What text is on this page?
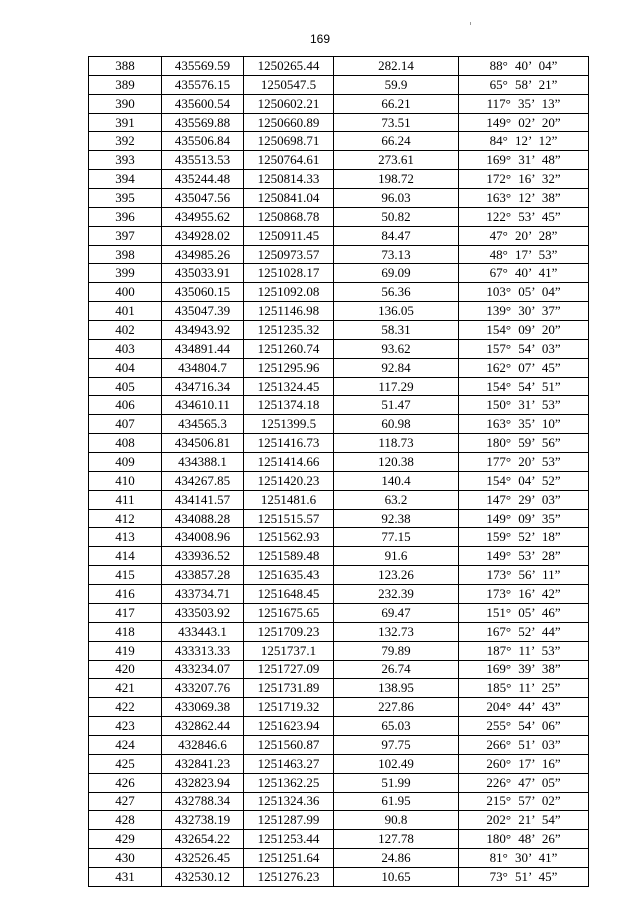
169
388	435569.59	1250265.44	282.14	88° 40’ 04”
389	435576.15	1250547.5	59.9	65° 58’ 21”
390	435600.54	1250602.21	66.21	117° 35’ 13”
391	435569.88	1250660.89	73.51	149° 02’ 20”
392	435506.84	1250698.71	66.24	84° 12’ 12”
393	435513.53	1250764.61	273.61	169° 31’ 48”
394	435244.48	1250814.33	198.72	172° 16’ 32”
395	435047.56	1250841.04	96.03	163° 12’ 38”
396	434955.62	1250868.78	50.82	122° 53’ 45”
397	434928.02	1250911.45	84.47	47° 20’ 28”
398	434985.26	1250973.57	73.13	48° 17’ 53”
399	435033.91	1251028.17	69.09	67° 40’ 41”
400	435060.15	1251092.08	56.36	103° 05’ 04”
401	435047.39	1251146.98	136.05	139° 30’ 37”
402	434943.92	1251235.32	58.31	154° 09’ 20”
403	434891.44	1251260.74	93.62	157° 54’ 03”
404	434804.7	1251295.96	92.84	162° 07’ 45”
405	434716.34	1251324.45	117.29	154° 54’ 51”
406	434610.11	1251374.18	51.47	150° 31’ 53”
407	434565.3	1251399.5	60.98	163° 35’ 10”
408	434506.81	1251416.73	118.73	180° 59’ 56”
409	434388.1	1251414.66	120.38	177° 20’ 53”
410	434267.85	1251420.23	140.4	154° 04’ 52”
411	434141.57	1251481.6	63.2	147° 29’ 03”
412	434088.28	1251515.57	92.38	149° 09’ 35”
413	434008.96	1251562.93	77.15	159° 52’ 18”
414	433936.52	1251589.48	91.6	149° 53’ 28”
415	433857.28	1251635.43	123.26	173° 56’ 11”
416	433734.71	1251648.45	232.39	173° 16’ 42”
417	433503.92	1251675.65	69.47	151° 05’ 46”
418	433443.1	1251709.23	132.73	167° 52’ 44”
419	433313.33	1251737.1	79.89	187° 11’ 53”
420	433234.07	1251727.09	26.74	169° 39’ 38”
421	433207.76	1251731.89	138.95	185° 11’ 25”
422	433069.38	1251719.32	227.86	204° 44’ 43”
423	432862.44	1251623.94	65.03	255° 54’ 06”
424	432846.6	1251560.87	97.75	266° 51’ 03”
425	432841.23	1251463.27	102.49	260° 17’ 16”
426	432823.94	1251362.25	51.99	226° 47’ 05”
427	432788.34	1251324.36	61.95	215° 57’ 02”
428	432738.19	1251287.99	90.8	202° 21’ 54”
429	432654.22	1251253.44	127.78	180° 48’ 26”
430	432526.45	1251251.64	24.86	81° 30’ 41”
431	432530.12	1251276.23	10.65	73° 51’ 45”
